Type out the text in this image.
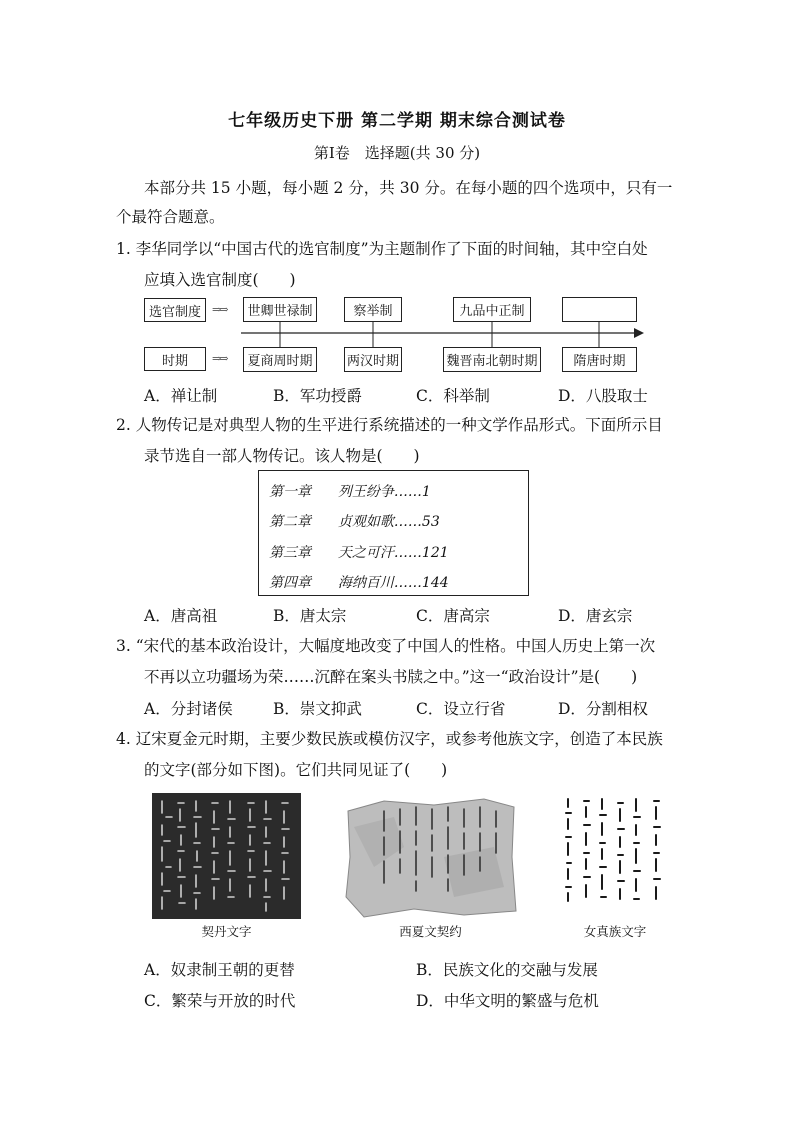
七年级历史下册 第二学期 期末综合测试卷
第Ⅰ卷　选择题(共 30 分)
本部分共 15 小题，每小题 2 分，共 30 分。在每小题的四个选项中，只有一
个最符合题意。
1. 李华同学以“中国古代的选官制度”为主题制作了下面的时间轴，其中空白处
应填入选官制度(　　)
选官制度	⇒⇒
时期	⇒⇒
世卿世禄制	察举制	九品中正制
夏商周时期	两汉时期	魏晋南北朝时期	隋唐时期
A．禅让制	B．军功授爵	C．科举制	D．八股取士
2. 人物传记是对典型人物的生平进行系统描述的一种文学作品形式。下面所示目
录节选自一部人物传记。该人物是(　　)
第一章 列王纷争……1
第二章 贞观如歌……53
第三章 天之可汗……121
第四章 海纳百川……144
A．唐高祖	B．唐太宗	C．唐高宗	D．唐玄宗
3. “宋代的基本政治设计，大幅度地改变了中国人的性格。中国人历史上第一次
不再以立功疆场为荣……沉醉在案头书牍之中。”这一“政治设计”是(　　)
A．分封诸侯	B．崇文抑武	C．设立行省	D．分割相权
4. 辽宋夏金元时期，主要少数民族或模仿汉字，或参考他族文字，创造了本民族
的文字(部分如下图)。它们共同见证了(　　)
契丹文字	西夏文契约	女真族文字
A．奴隶制王朝的更替	B．民族文化的交融与发展
C．繁荣与开放的时代	D．中华文明的繁盛与危机
